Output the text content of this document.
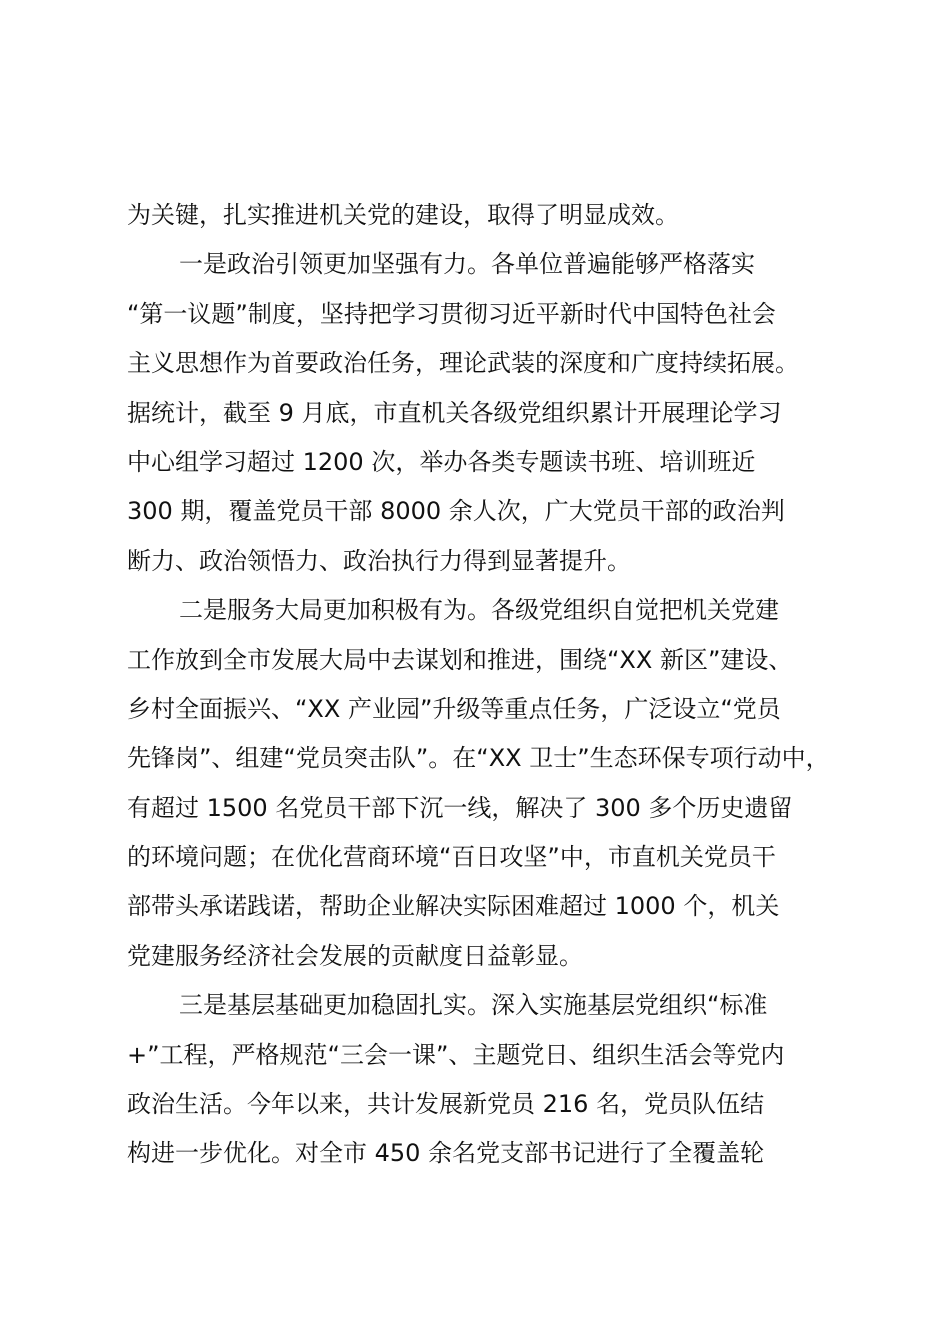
为关键，扎实推进机关党的建设，取得了明显成效。
一是政治引领更加坚强有力。各单位普遍能够严格落实
“第一议题”制度，坚持把学习贯彻习近平新时代中国特色社会
主义思想作为首要政治任务，理论武装的深度和广度持续拓展。
据统计，截至 9 月底，市直机关各级党组织累计开展理论学习
中心组学习超过 1200 次，举办各类专题读书班、培训班近
300 期，覆盖党员干部 8000 余人次，广大党员干部的政治判
断力、政治领悟力、政治执行力得到显著提升。
二是服务大局更加积极有为。各级党组织自觉把机关党建
工作放到全市发展大局中去谋划和推进，围绕“XX 新区”建设、
乡村全面振兴、“XX 产业园”升级等重点任务，广泛设立“党员
先锋岗”、组建“党员突击队”。在“XX 卫士”生态环保专项行动中，
有超过 1500 名党员干部下沉一线，解决了 300 多个历史遗留
的环境问题；在优化营商环境“百日攻坚”中，市直机关党员干
部带头承诺践诺，帮助企业解决实际困难超过 1000 个，机关
党建服务经济社会发展的贡献度日益彰显。
三是基层基础更加稳固扎实。深入实施基层党组织“标准
+”工程，严格规范“三会一课”、主题党日、组织生活会等党内
政治生活。今年以来，共计发展新党员 216 名，党员队伍结
构进一步优化。对全市 450 余名党支部书记进行了全覆盖轮
